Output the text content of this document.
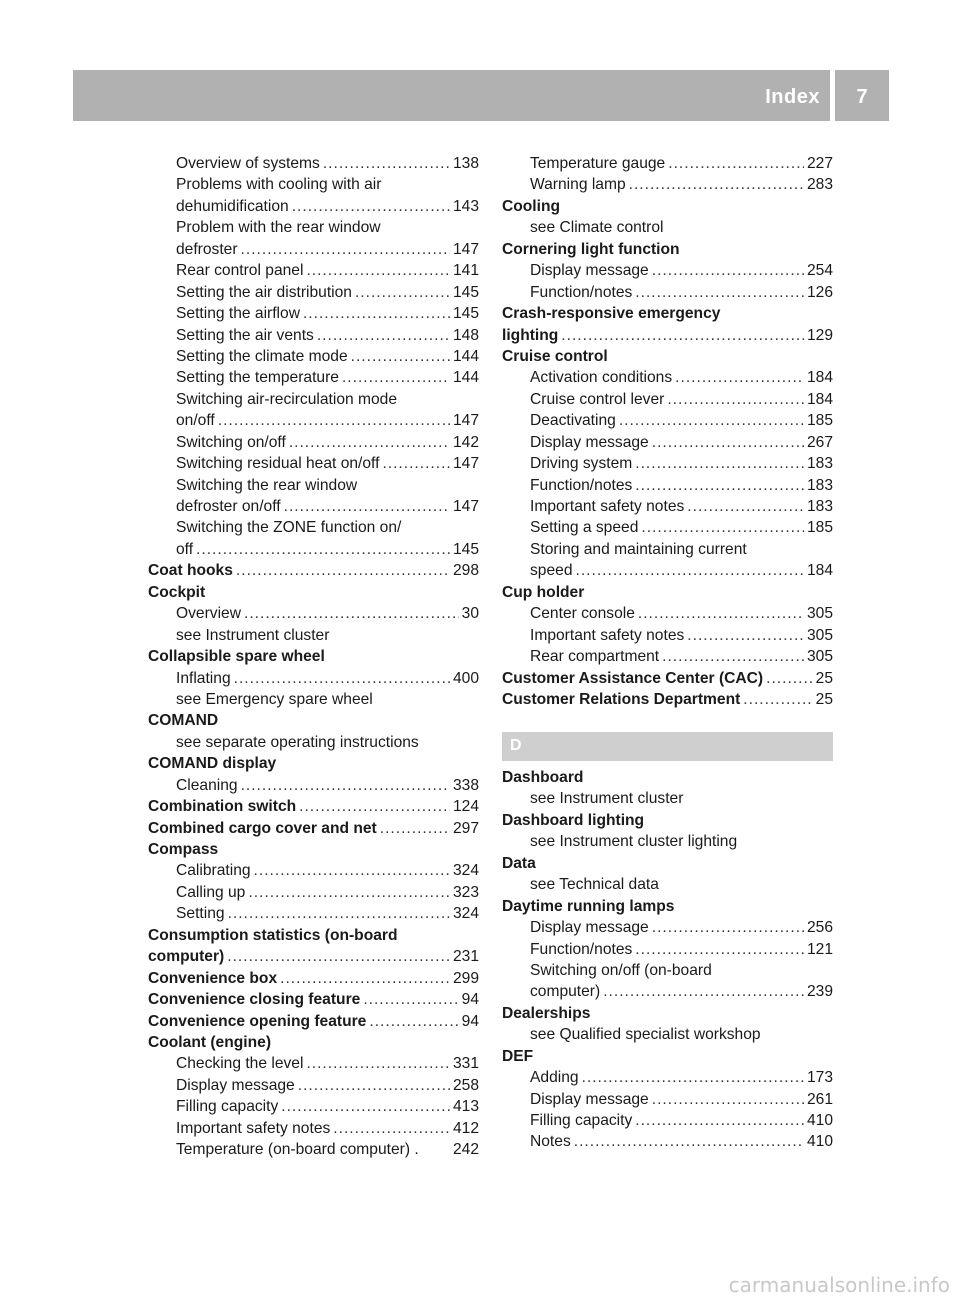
Index	7
Overview of systems .....	138
Problems with cooling with air
dehumidification .....	143
Problem with the rear window
defroster .....	147
Rear control panel .....	141
Setting the air distribution .....	145
Setting the airflow .....	145
Setting the air vents .....	148
Setting the climate mode .....	144
Setting the temperature .....	144
Switching air-recirculation mode
on/off .....	147
Switching on/off .....	142
Switching residual heat on/off .....	147
Switching the rear window
defroster on/off .....	147
Switching the ZONE function on/
off .....	145
Coat hooks .....	298
Cockpit
Overview .....	30
see Instrument cluster
Collapsible spare wheel
Inflating .....	400
see Emergency spare wheel
COMAND
see separate operating instructions
COMAND display
Cleaning .....	338
Combination switch .....	124
Combined cargo cover and net .....	297
Compass
Calibrating .....	324
Calling up .....	323
Setting .....	324
Consumption statistics (on-board
computer) .....	231
Convenience box .....	299
Convenience closing feature .....	94
Convenience opening feature .....	94
Coolant (engine)
Checking the level .....	331
Display message .....	258
Filling capacity .....	413
Important safety notes .....	412
Temperature (on-board computer) . 242
Temperature gauge .....	227
Warning lamp .....	283
Cooling
see Climate control
Cornering light function
Display message .....	254
Function/notes .....	126
Crash-responsive emergency
lighting .....	129
Cruise control
Activation conditions .....	184
Cruise control lever .....	184
Deactivating .....	185
Display message .....	267
Driving system .....	183
Function/notes .....	183
Important safety notes .....	183
Setting a speed .....	185
Storing and maintaining current
speed .....	184
Cup holder
Center console .....	305
Important safety notes .....	305
Rear compartment .....	305
Customer Assistance Center (CAC) .....	25
Customer Relations Department .....	25
D
Dashboard
see Instrument cluster
Dashboard lighting
see Instrument cluster lighting
Data
see Technical data
Daytime running lamps
Display message .....	256
Function/notes .....	121
Switching on/off (on-board
computer) .....	239
Dealerships
see Qualified specialist workshop
DEF
Adding .....	173
Display message .....	261
Filling capacity .....	410
Notes .....	410
carmanualsonline.info
